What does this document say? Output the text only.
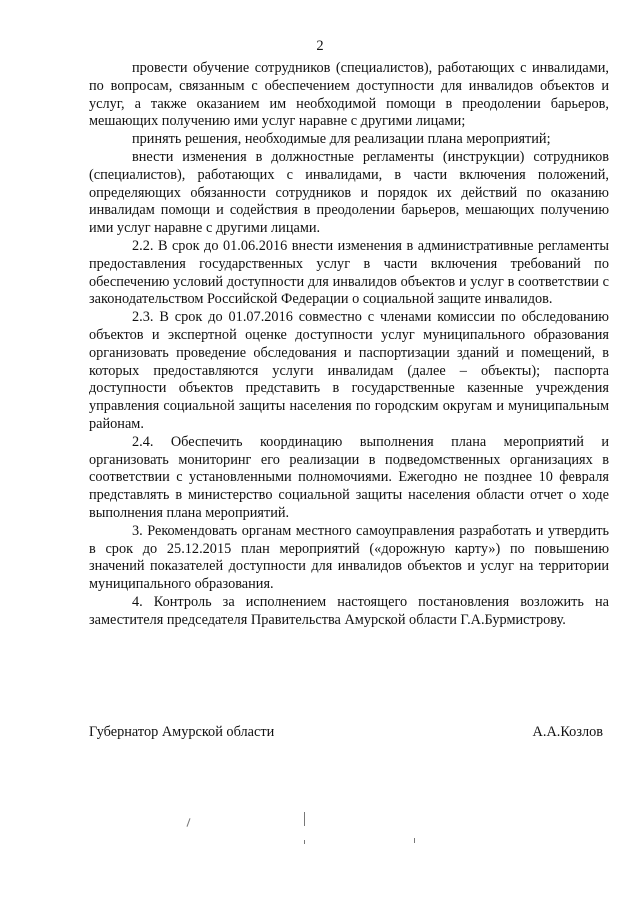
2

провести обучение сотрудников (специалистов), работающих с инвалидами, по вопросам, связанным с обеспечением доступности для инвалидов объектов и услуг, а также оказанием им необходимой помощи в преодолении барьеров, мешающих получению ими услуг наравне с другими лицами;

принять решения, необходимые для реализации плана мероприятий;

внести изменения в должностные регламенты (инструкции) сотрудников (специалистов), работающих с инвалидами, в части включения положений, определяющих обязанности сотрудников и порядок их действий по оказанию инвалидам помощи и содействия в преодолении барьеров, мешающих получению ими услуг наравне с другими лицами.

2.2. В срок до 01.06.2016 внести изменения в административные регламенты предоставления государственных услуг в части включения требований по обеспечению условий доступности для инвалидов объектов и услуг в соответствии с законодательством Российской Федерации о социальной защите инвалидов.

2.3. В срок до 01.07.2016 совместно с членами комиссии по обследованию объектов и экспертной оценке доступности услуг муниципального образования организовать проведение обследования и паспортизации зданий и помещений, в которых предоставляются услуги инвалидам (далее – объекты); паспорта доступности объектов представить в государственные казенные учреждения управления социальной защиты населения по городским округам и муниципальным районам.

2.4. Обеспечить координацию выполнения плана мероприятий и организовать мониторинг его реализации в подведомственных организациях в соответствии с установленными полномочиями. Ежегодно не позднее 10 февраля представлять в министерство социальной защиты населения области отчет о ходе выполнения плана мероприятий.

3. Рекомендовать органам местного самоуправления разработать и утвердить в срок до 25.12.2015 план мероприятий («дорожную карту») по повышению значений показателей доступности для инвалидов объектов и услуг на территории муниципального образования.

4. Контроль за исполнением настоящего постановления возложить на заместителя председателя Правительства Амурской области Г.А.Бурмистрову.

Губернатор Амурской области	А.А.Козлов
